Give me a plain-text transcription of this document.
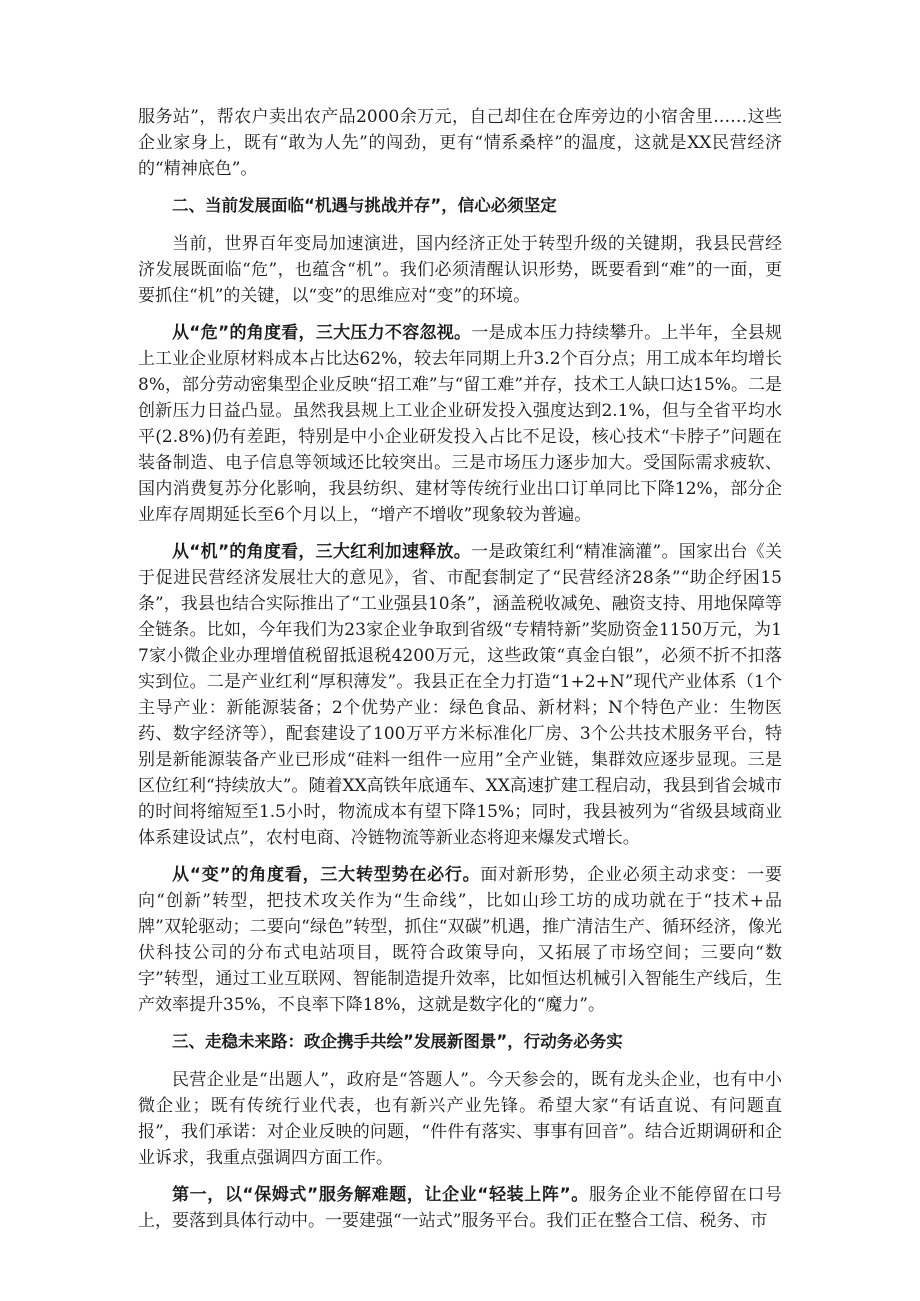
服务站”，帮农户卖出农产品2000余万元，自己却住在仓库旁边的小宿舍里……这些企业家身上，既有“敢为人先”的闯劲，更有“情系桑梓”的温度，这就是XX民营经济的“精神底色”。

二、当前发展面临“机遇与挑战并存”，信心必须坚定

当前，世界百年变局加速演进，国内经济正处于转型升级的关键期，我县民营经济发展既面临“危”，也蕴含“机”。我们必须清醒认识形势，既要看到“难”的一面，更要抓住“机”的关键，以“变”的思维应对“变”的环境。

从“危”的角度看，三大压力不容忽视。一是成本压力持续攀升。上半年，全县规上工业企业原材料成本占比达62%，较去年同期上升3.2个百分点；用工成本年均增长8%，部分劳动密集型企业反映“招工难”与“留工难”并存，技术工人缺口达15%。二是创新压力日益凸显。虽然我县规上工业企业研发投入强度达到2.1%，但与全省平均水平(2.8%)仍有差距，特别是中小企业研发投入占比不足设，核心技术“卡脖子”问题在装备制造、电子信息等领域还比较突出。三是市场压力逐步加大。受国际需求疲软、国内消费复苏分化影响，我县纺织、建材等传统行业出口订单同比下降12%，部分企业库存周期延长至6个月以上，“增产不增收”现象较为普遍。

从“机”的角度看，三大红利加速释放。一是政策红利“精准滴灌”。国家出台《关于促进民营经济发展壮大的意见》，省、市配套制定了“民营经济28条”“助企纾困15条”，我县也结合实际推出了“工业强县10条”，涵盖税收减免、融资支持、用地保障等全链条。比如，今年我们为23家企业争取到省级“专精特新”奖励资金1150万元，为17家小微企业办理增值税留抵退税4200万元，这些政策“真金白银”，必须不折不扣落实到位。二是产业红利“厚积薄发”。我县正在全力打造“1+2+N”现代产业体系（1个主导产业：新能源装备；2个优势产业：绿色食品、新材料；N个特色产业：生物医药、数字经济等），配套建设了100万平方米标准化厂房、3个公共技术服务平台，特别是新能源装备产业已形成“硅料一组件一应用”全产业链，集群效应逐步显现。三是区位红利“持续放大”。随着XX高铁年底通车、XX高速扩建工程启动，我县到省会城市的时间将缩短至1.5小时，物流成本有望下降15%；同时，我县被列为“省级县域商业体系建设试点”，农村电商、冷链物流等新业态将迎来爆发式增长。

从“变”的角度看，三大转型势在必行。面对新形势，企业必须主动求变：一要向“创新”转型，把技术攻关作为“生命线”，比如山珍工坊的成功就在于“技术+品牌”双轮驱动；二要向“绿色”转型，抓住“双碳”机遇，推广清洁生产、循环经济，像光伏科技公司的分布式电站项目，既符合政策导向，又拓展了市场空间；三要向“数字”转型，通过工业互联网、智能制造提升效率，比如恒达机械引入智能生产线后，生产效率提升35%，不良率下降18%，这就是数字化的“魔力”。

三、走稳未来路：政企携手共绘”发展新图景”，行动务必务实

民营企业是“出题人”，政府是“答题人”。今天参会的，既有龙头企业，也有中小微企业；既有传统行业代表，也有新兴产业先锋。希望大家“有话直说、有问题直报”，我们承诺：对企业反映的问题，“件件有落实、事事有回音”。结合近期调研和企业诉求，我重点强调四方面工作。

第一，以“保姆式”服务解难题，让企业“轻装上阵”。服务企业不能停留在口号上，要落到具体行动中。一要建强“一站式”服务平台。我们正在整合工信、税务、市
